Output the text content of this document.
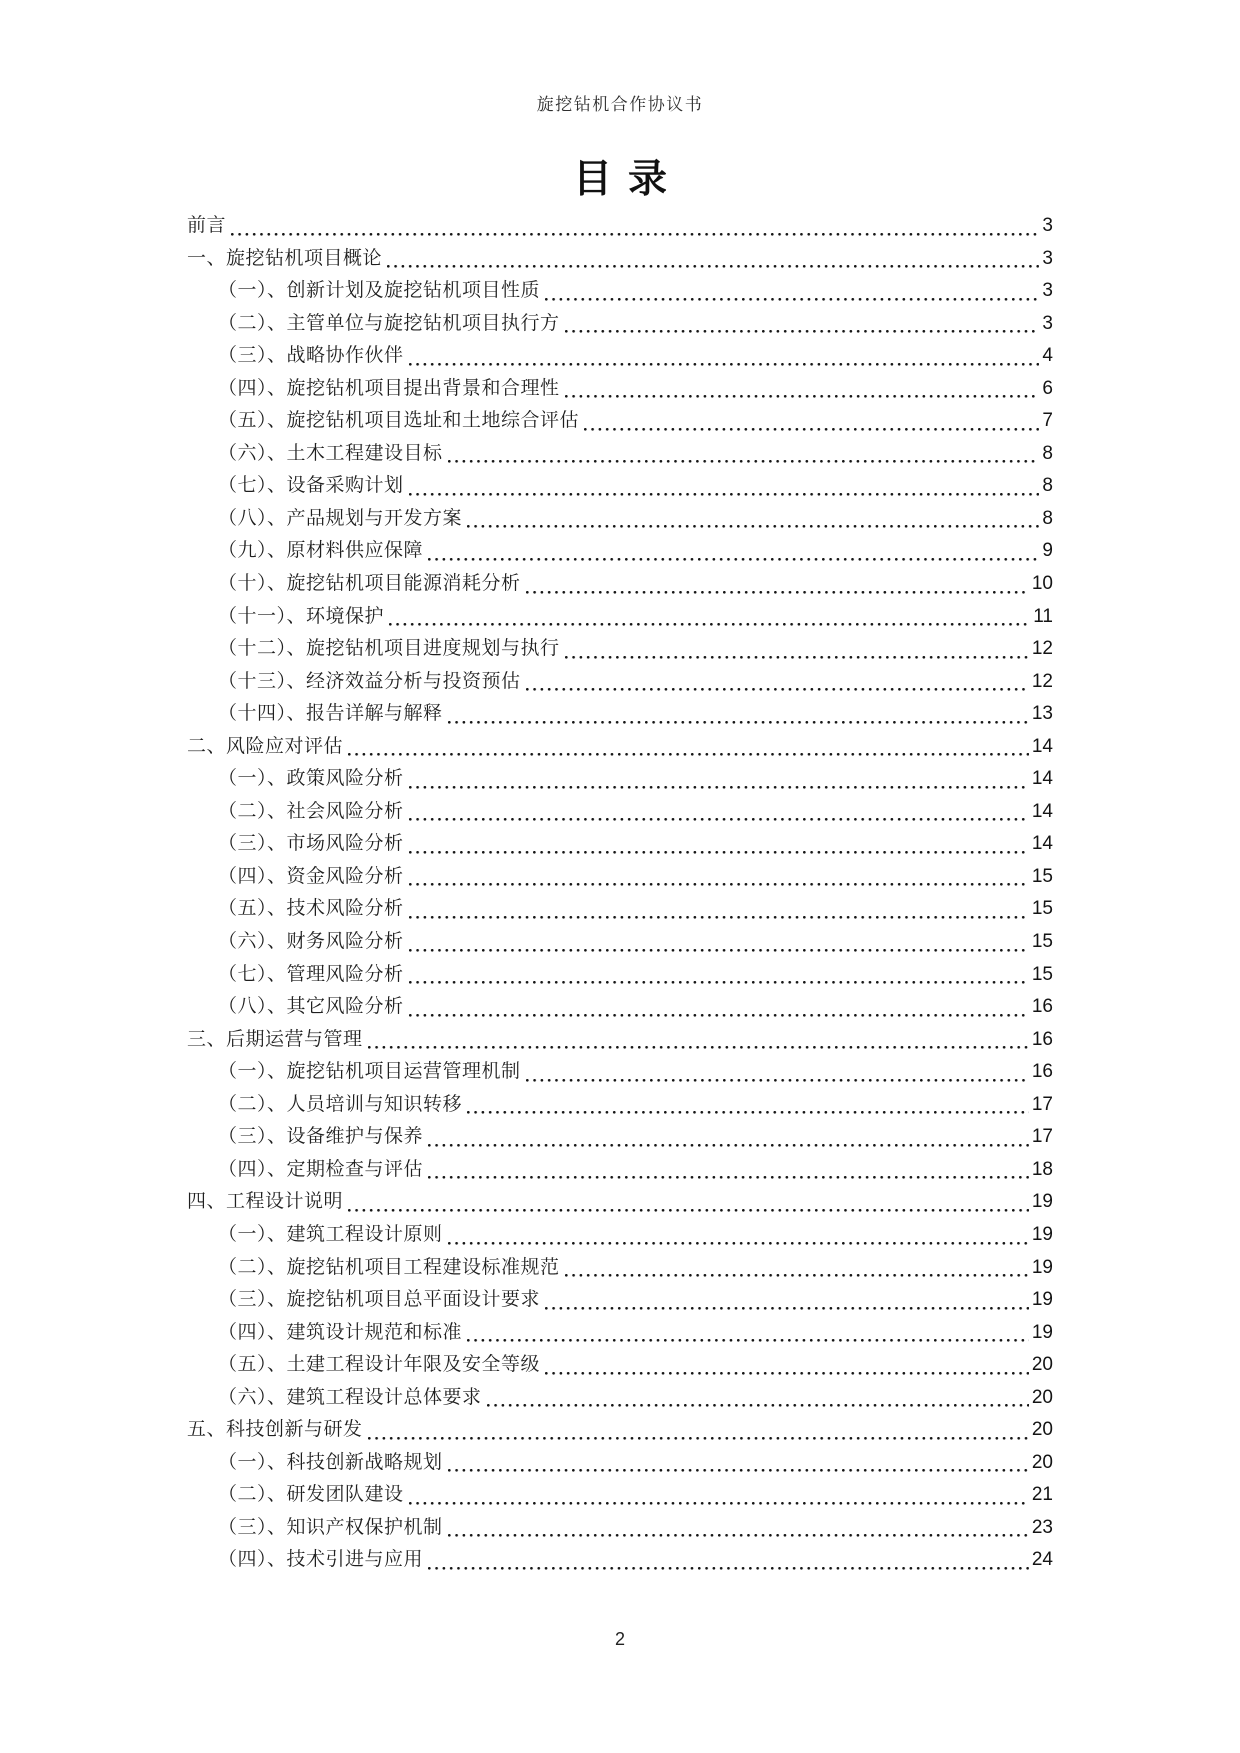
旋挖钻机合作协议书
目录
前言	3
一、旋挖钻机项目概论	3
（一）、创新计划及旋挖钻机项目性质	3
（二）、主管单位与旋挖钻机项目执行方	3
（三）、战略协作伙伴	4
（四）、旋挖钻机项目提出背景和合理性	6
（五）、旋挖钻机项目选址和土地综合评估	7
（六）、土木工程建设目标	8
（七）、设备采购计划	8
（八）、产品规划与开发方案	8
（九）、原材料供应保障	9
（十）、旋挖钻机项目能源消耗分析	10
（十一）、环境保护	11
（十二）、旋挖钻机项目进度规划与执行	12
（十三）、经济效益分析与投资预估	12
（十四）、报告详解与解释	13
二、风险应对评估	14
（一）、政策风险分析	14
（二）、社会风险分析	14
（三）、市场风险分析	14
（四）、资金风险分析	15
（五）、技术风险分析	15
（六）、财务风险分析	15
（七）、管理风险分析	15
（八）、其它风险分析	16
三、后期运营与管理	16
（一）、旋挖钻机项目运营管理机制	16
（二）、人员培训与知识转移	17
（三）、设备维护与保养	17
（四）、定期检查与评估	18
四、工程设计说明	19
（一）、建筑工程设计原则	19
（二）、旋挖钻机项目工程建设标准规范	19
（三）、旋挖钻机项目总平面设计要求	19
（四）、建筑设计规范和标准	19
（五）、土建工程设计年限及安全等级	20
（六）、建筑工程设计总体要求	20
五、科技创新与研发	20
（一）、科技创新战略规划	20
（二）、研发团队建设	21
（三）、知识产权保护机制	23
（四）、技术引进与应用	24
2
